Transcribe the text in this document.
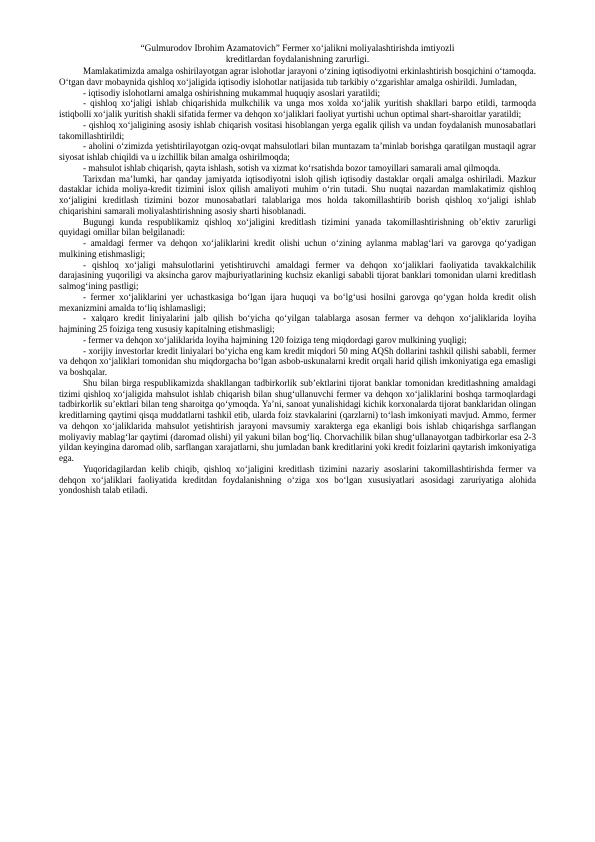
“Gulmurodov Ibrohim Azamatovich” Fermer xo‘jalikni moliyalashtirishda imtiyozli
kreditlardan foydalanishning zarurligi.

Mamlakatimizda amalga oshirilayotgan agrar islohotlar jarayoni o‘zining iqtisodiyotni erkinlashtirish bosqichini o‘tamoqda. O‘tgan davr mobaynida qishloq xo‘jaligida iqtisodiy islohotlar natijasida tub tarkibiy o‘zgarishlar amalga oshirildi. Jumladan,

- iqtisodiy islohotlarni amalga oshirishning mukammal huquqiy asoslari yaratildi;

- qishloq xo‘jaligi ishlab chiqarishida mulkchilik va unga mos xolda xo‘jalik yuritish shakllari barpo etildi, tarmoqda istiqbolli xo‘jalik yuritish shakli sifatida fermer va dehqon xo‘jaliklari faoliyat yurtishi uchun optimal shart-sharoitlar yaratildi;

- qishloq xo‘jaligining asosiy ishlab chiqarish vositasi hisoblangan yerga egalik qilish va undan foydalanish munosabatlari takomillashtirildi;

- aholini o‘zimizda yetishtirilayotgan oziq-ovqat mahsulotlari bilan muntazam ta’minlab borishga qaratilgan mustaqil agrar siyosat ishlab chiqildi va u izchillik bilan amalga oshirilmoqda;

- mahsulot ishlab chiqarish, qayta ishlash, sotish va xizmat ko‘rsatishda bozor tamoyillari samarali amal qilmoqda.

Tarixdan ma’lumki, har qanday jamiyatda iqtisodiyotni isloh qilish iqtisodiy dastaklar orqali amalga oshiriladi. Mazkur dastaklar ichida moliya-kredit tizimini islox qilish amaliyoti muhim o‘rin tutadi. Shu nuqtai nazardan mamlakatimiz qishloq xo‘jaligini kreditlash tizimini bozor munosabatlari talablariga mos holda takomillashtirib borish qishloq xo‘jaligi ishlab chiqarishini samarali moliyalashtirishning asosiy sharti hisoblanadi.

Bugungi kunda respublikamiz qishloq xo‘jaligini kreditlash tizimini yanada takomillashtirishning ob’ektiv zarurligi quyidagi omillar bilan belgilanadi:

- amaldagi fermer va dehqon xo‘jaliklarini kredit olishi uchun o‘zining aylanma mablag‘lari va garovga qo‘yadigan mulkining etishmasligi;

- qishloq xo‘jaligi mahsulotlarini yetishtiruvchi amaldagi fermer va dehqon xo‘jaliklari faoliyatida tavakkalchilik darajasining yuqoriligi va aksincha garov majburiyatlarining kuchsiz ekanligi sababli tijorat banklari tomonidan ularni kreditlash salmog‘ining pastligi;

- fermer xo‘jaliklarini yer uchastkasiga bo‘lgan ijara huquqi va bo‘lg‘usi hosilni garovga qo‘ygan holda kredit olish mexanizmini amalda to‘liq ishlamasligi;

- xalqaro kredit liniyalarini jalb qilish bo‘yicha qo‘yilgan talablarga asosan fermer va dehqon xo‘jaliklarida loyiha hajmining 25 foiziga teng xususiy kapitalning etishmasligi;

- fermer va dehqon xo‘jaliklarida loyiha hajmining 120 foiziga teng miqdordagi garov mulkining yuqligi;

- xorijiy investorlar kredit liniyalari bo‘yicha eng kam kredit miqdori 50 ming AQSh dollarini tashkil qilishi sababli, fermer va dehqon xo‘jaliklari tomonidan shu miqdorgacha bo‘lgan asbob-uskunalarni kredit orqali harid qilish imkoniyatiga ega emasligi va boshqalar.

Shu bilan birga respublikamizda shakllangan tadbirkorlik sub’ektlarini tijorat banklar tomonidan kreditlashning amaldagi tizimi qishloq xo‘jaligida mahsulot ishlab chiqarish bilan shug‘ullanuvchi fermer va dehqon xo‘jaliklarini boshqa tarmoqlardagi tadbirkorlik su’ektlari bilan teng sharoitga qo‘ymoqda. Ya’ni, sanoat yunalishidagi kichik korxonalarda tijorat banklaridan olingan kreditlarning qaytimi qisqa muddatlarni tashkil etib, ularda foiz stavkalarini (qarzlarni) to‘lash imkoniyati mavjud. Ammo, fermer va dehqon xo‘jaliklarida mahsulot yetishtirish jarayoni mavsumiy xarakterga ega ekanligi bois ishlab chiqarishga sarflangan moliyaviy mablag‘lar qaytimi (daromad olishi) yil yakuni bilan bog‘liq. Chorvachilik bilan shug‘ullanayotgan tadbirkorlar esa 2-3 yildan keyingina daromad olib, sarflangan xarajatlarni, shu jumladan bank kreditlarini yoki kredit foizlarini qaytarish imkoniyatiga ega.

Yuqoridagilardan kelib chiqib, qishloq xo‘jaligini kreditlash tizimini nazariy asoslarini takomillashtirishda fermer va dehqon xo‘jaliklari faoliyatida kreditdan foydalanishning o‘ziga xos bo‘lgan xususiyatlari asosidagi zaruriyatiga alohida yondoshish talab etiladi.
